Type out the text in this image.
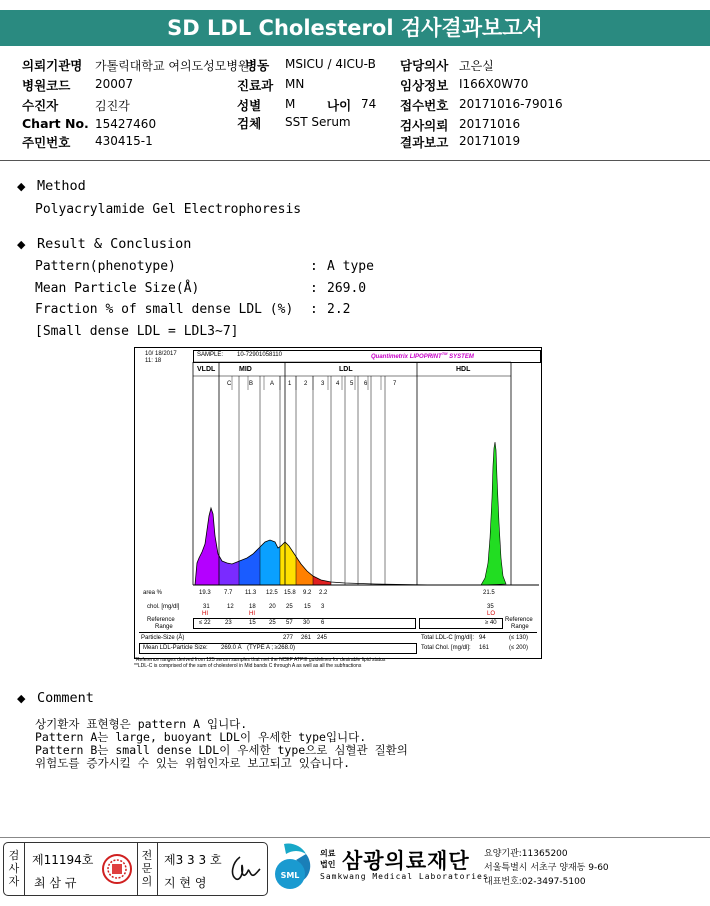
SD LDL Cholesterol 검사결과보고서
의뢰기관명 가톨릭대학교 여의도성모병원
병동 MSICU / 4ICU-B 담당의사 고은실
병원코드 20007	진료과 MN	임상정보 I166X0W70
수진자	김진각	성별 M	나이 74 접수번호 20171016-79016
Chart No. 15427460	검체 SST Serum	검사의뢰 20171016
주민번호 430415-1	결과보고 20171019
◆ Method
Polyacrylamide Gel Electrophoresis
◆ Result & Conclusion
Pattern(phenotype)	: A type
Mean Particle Size(Å)	: 269.0
Fraction % of small dense LDL (%) : 2.2
[Small dense LDL = LDL3~7]
10/ 18/2017
11: 18
SAMPLE: 10-72901058110	Quantimetrix LIPOPRINT™ SYSTEM
VLDL	MID	LDL	HDL
C	B	A 1 2 3 4 5 6	7
area %	19.3 7.7 11.3 12.5 15.8 9.2 2.2	21.5
chol. [mg/dl]	31	12	18 20 25 15 3	35
HI	HI	LO
Reference
Range
≤ 22 23	15 25 57 30 6	≥ 40 Reference
Range
Particle-Size (Å)	277 261 245
Mean LDL-Particle Size: 269.0 Å (TYPE A ; ≥268.0)
Total LDL-C [mg/dl]: 94	(≤ 130)
Total Chol. [mg/dl]: 161	(≤ 200)
*Reference ranges derived from 125 serum samples that met the NCEP ATPIII guidelines for desirable lipid status
**LDL-C is comprised of the sum of cholesterol in Mid bands C through A as well as all the subfractions
◆ Comment
상기환자 표현형은 pattern A 입니다.
Pattern A는 large, buoyant LDL이 우세한 type입니다.
Pattern B는 small dense LDL이 우세한 type으로 심혈관 질환의
위험도를 증가시킬 수 있는 위험인자로 보고되고 있습니다.
검
사
자
제11194호
최 삼 규
전
문
의
제3 3 3 호
지 현 영
SML
의료
법인 삼광의료재단
Samkwang Medical Laboratories
요양기관:11365200
서울특별시 서초구 양재동 9-60
대표번호:02-3497-5100
